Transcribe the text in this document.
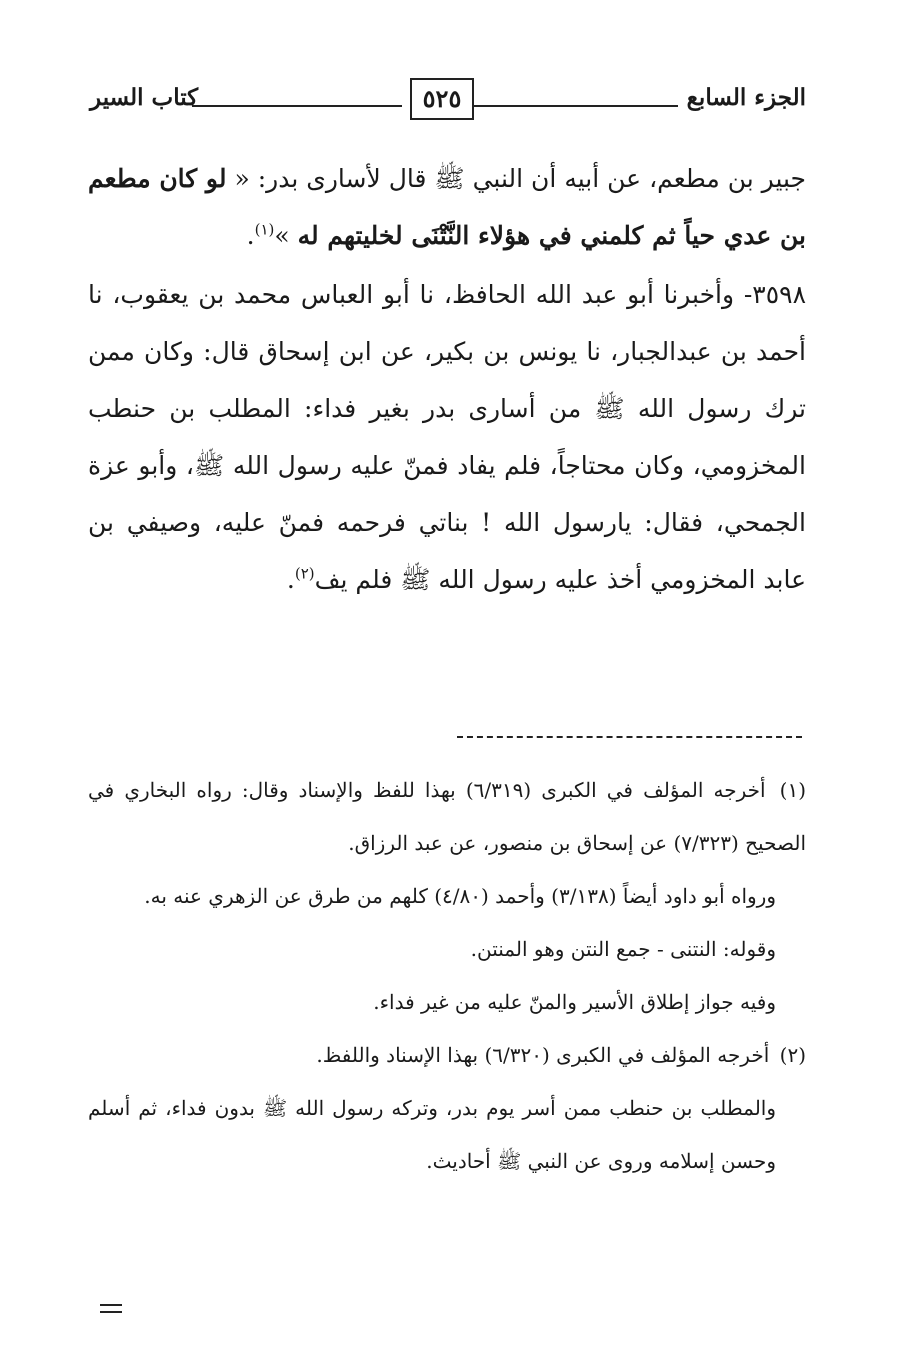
الجزء السابع
٥٢٥
كتاب السير

جبير بن مطعم، عن أبيه أن النبي ﷺ قال لأسارى بدر: « لو كان مطعم بن عدي حياً ثم كلمني في هؤلاء النَّتْنَى لخليتهم له »$^{(١)}$.

٣٥٩٨- وأخبرنا أبو عبد الله الحافظ، نا أبو العباس محمد بن يعقوب، نا أحمد بن عبدالجبار، نا يونس بن بكير، عن ابن إسحاق قال: وكان ممن ترك رسول الله ﷺ من أسارى بدر بغير فداء: المطلب بن حنطب المخزومي، وكان محتاجاً، فلم يفاد فمنّ عليه رسول الله ﷺ، وأبو عزة الجمحي، فقال: يارسول الله ! بناتي فرحمه فمنّ عليه، وصيفي بن عابد المخزومي أخذ عليه رسول الله ﷺ فلم يف$^{(٢)}$.

(١) أخرجه المؤلف في الكبرى (٦/٣١٩) بهذا للفظ والإسناد وقال: رواه البخاري في الصحيح (٧/٣٢٣) عن إسحاق بن منصور، عن عبد الرزاق.

ورواه أبو داود أيضاً (٣/١٣٨) وأحمد (٤/٨٠) كلهم من طرق عن الزهري عنه به.

وقوله: النتنى - جمع النتن وهو المنتن.

وفيه جواز إطلاق الأسير والمنّ عليه من غير فداء.

(٢) أخرجه المؤلف في الكبرى (٦/٣٢٠) بهذا الإسناد واللفظ.

والمطلب بن حنطب ممن أسر يوم بدر، وتركه رسول الله ﷺ بدون فداء، ثم أسلم وحسن إسلامه وروى عن النبي ﷺ أحاديث.
